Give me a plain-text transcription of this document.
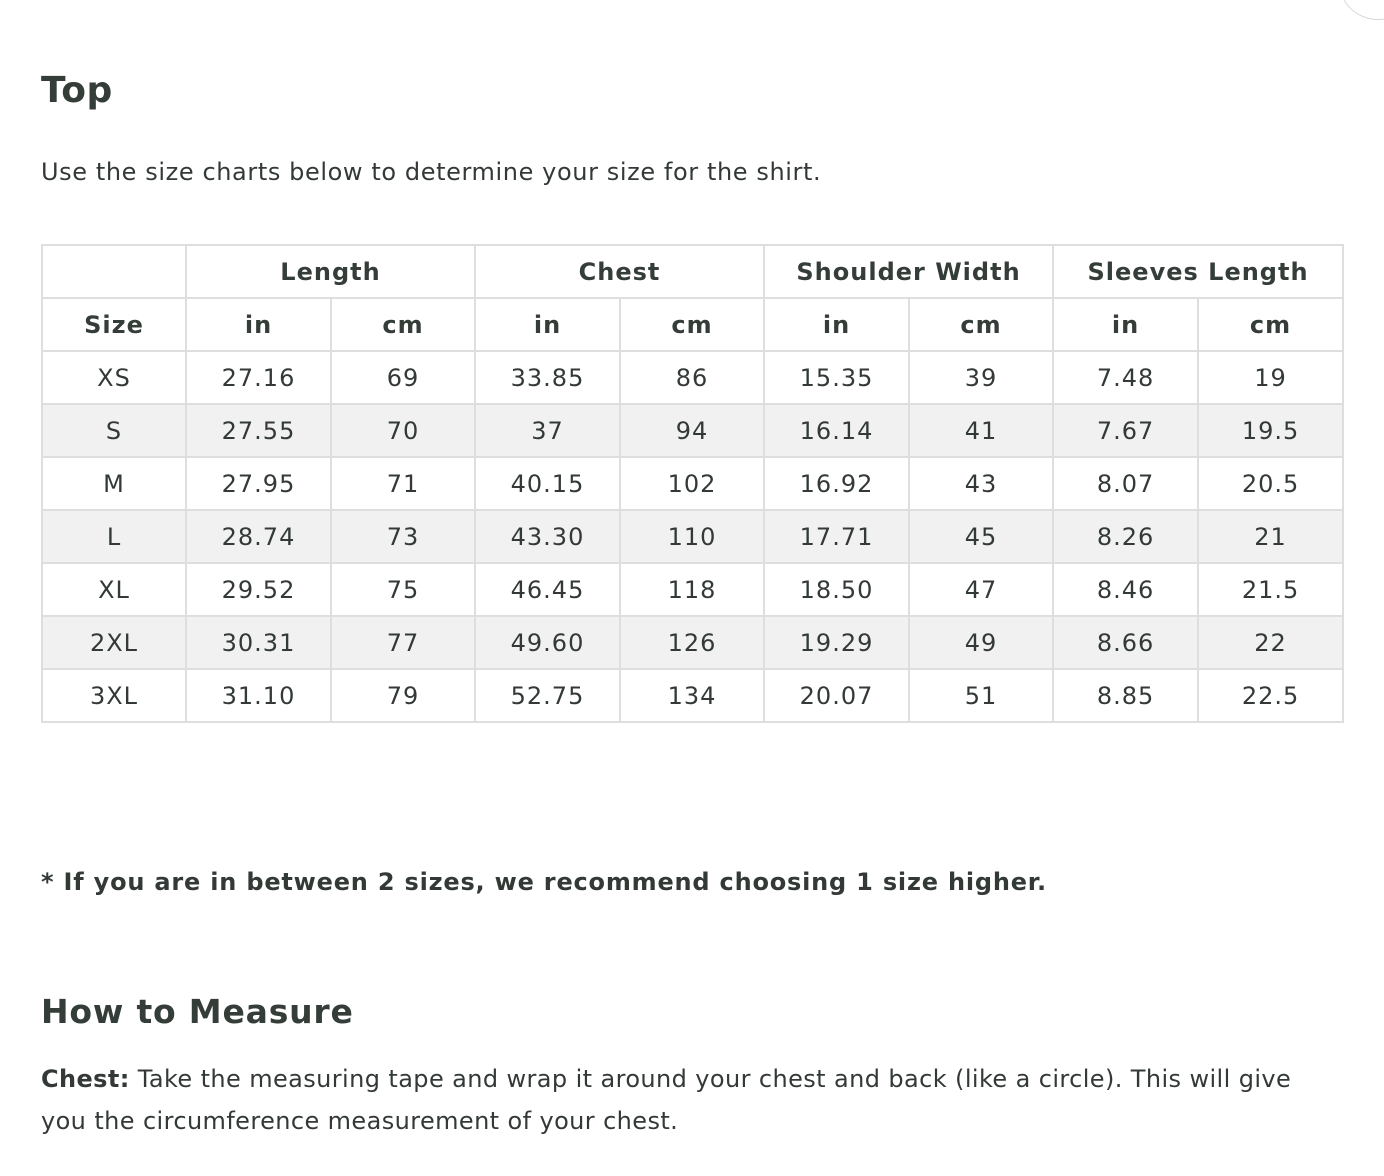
Top

Use the size charts below to determine your size for the shirt.

	Length		Chest		Shoulder Width		Sleeves Length	
Size	in	cm	in	cm	in	cm	in	cm
XS	27.16	69	33.85	86	15.35	39	7.48	19
S	27.55	70	37	94	16.14	41	7.67	19.5
M	27.95	71	40.15	102	16.92	43	8.07	20.5
L	28.74	73	43.30	110	17.71	45	8.26	21
XL	29.52	75	46.45	118	18.50	47	8.46	21.5
2XL	30.31	77	49.60	126	19.29	49	8.66	22
3XL	31.10	79	52.75	134	20.07	51	8.85	22.5

* If you are in between 2 sizes, we recommend choosing 1 size higher.

How to Measure

Chest: Take the measuring tape and wrap it around your chest and back (like a circle). This will give you the circumference measurement of your chest.
